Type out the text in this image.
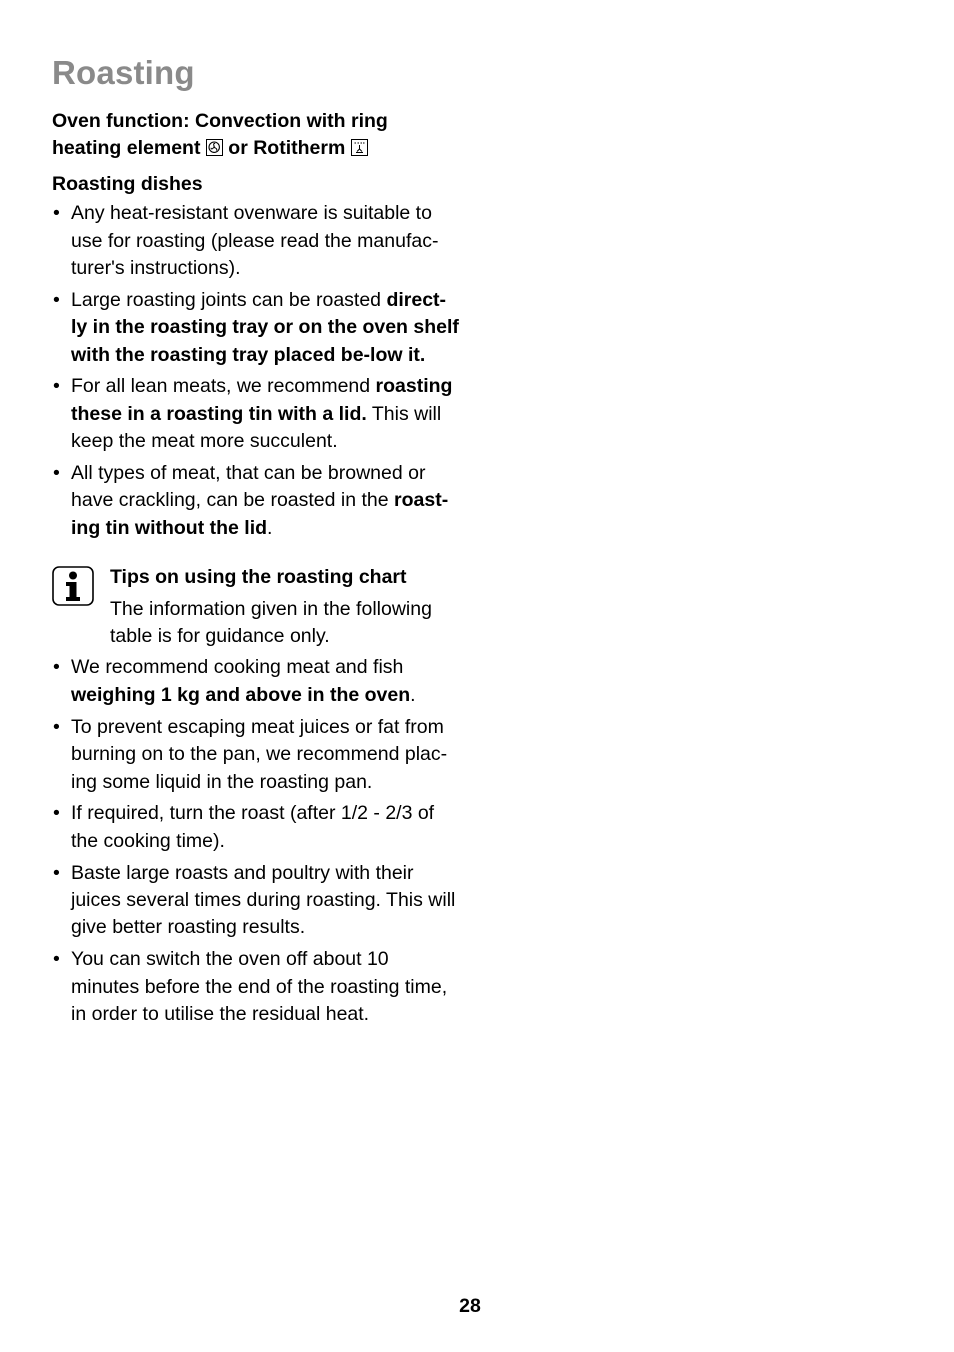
Roasting

Oven function: Convection with ring
heating element or Rotitherm

Roasting dishes

• Any heat-resistant ovenware is suitable to use for roasting (please read the manufac-turer's instructions).
• Large roasting joints can be roasted direct-ly in the roasting tray or on the oven shelf with the roasting tray placed be-low it.
• For all lean meats, we recommend roasting these in a roasting tin with a lid. This will keep the meat more succulent.
• All types of meat, that can be browned or have crackling, can be roasted in the roast-ing tin without the lid.

Tips on using the roasting chart

The information given in the following table is for guidance only.

• We recommend cooking meat and fish weighing 1 kg and above in the oven.
• To prevent escaping meat juices or fat from burning on to the pan, we recommend plac-ing some liquid in the roasting pan.
• If required, turn the roast (after 1/2 - 2/3 of the cooking time).
• Baste large roasts and poultry with their juices several times during roasting. This will give better roasting results.
• You can switch the oven off about 10 minutes before the end of the roasting time, in order to utilise the residual heat.
28
